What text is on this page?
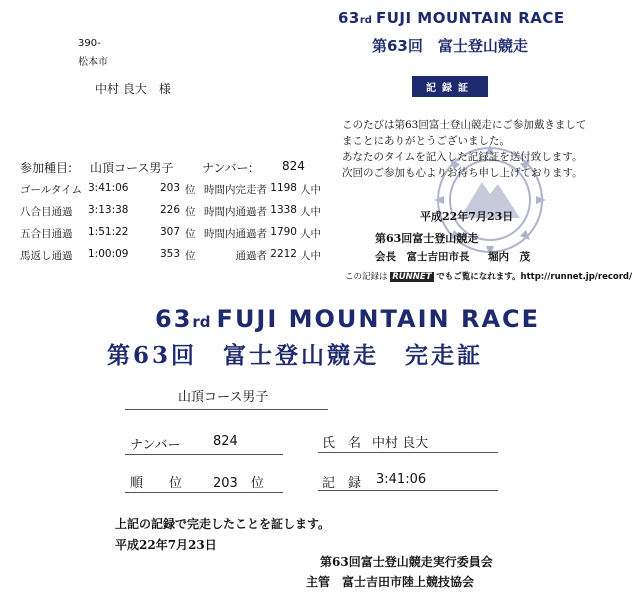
390-
松本市
中村 良大　様
参加種目: 山頂コース男子 ナンバー: 824
ゴールタイム 3:41:06	203 位 時間内完走者 1198 人中
八合目通過 3:13:38	226 位 時間内通過者 1338 人中
五合目通過 1:51:22	307 位 時間内通過者 1790 人中
馬返し通過 1:00:09	353 位	通過者 2212 人中
63rd FUJI MOUNTAIN RACE
第63回　富士登山競走
記録証
このたびは第63回富士登山競走にご参加戴きまして
まことにありがとうございました。
あなたのタイムを記入した記録証を送付致します。
次回のご参加も心よりお待ち申し上げております。
平成22年7月23日
第63回富士登山競走
会長　富士吉田市長 堀内　茂
この記録は RUNNET でもご覧になれます。http://runnet.jp/record/
63rd FUJI MOUNTAIN RACE
第63回　富士登山競走　完走証
山頂コース男子
ナンバー	824	氏　名 中村 良大
順　　位 203　位	記　録 3:41:06
上記の記録で完走したことを証します。
平成22年7月23日
第63回富士登山競走実行委員会
主管　富士吉田市陸上競技協会
